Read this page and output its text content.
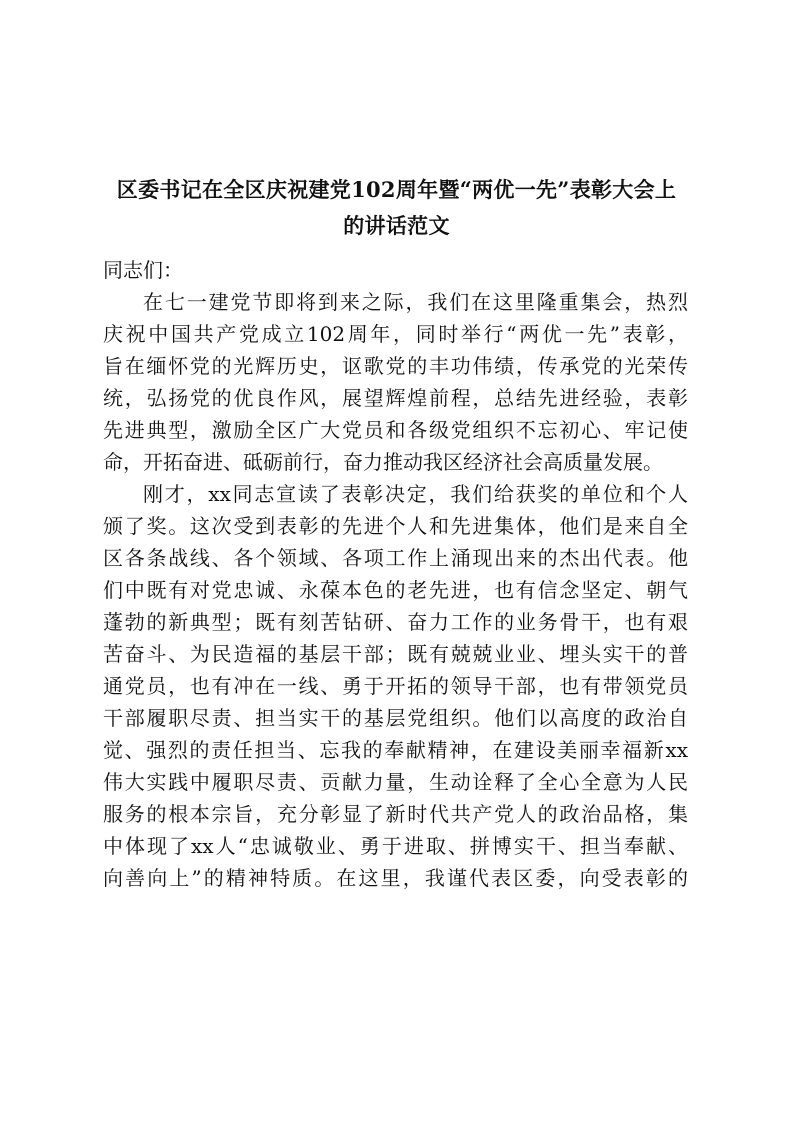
区委书记在全区庆祝建党102周年暨“两优一先”表彰大会上
的讲话范文

同志们：

在七一建党节即将到来之际，我们在这里隆重集会，热烈
庆祝中国共产党成立102周年，同时举行“两优一先”表彰，
旨在缅怀党的光辉历史，讴歌党的丰功伟绩，传承党的光荣传
统，弘扬党的优良作风，展望辉煌前程，总结先进经验，表彰
先进典型，激励全区广大党员和各级党组织不忘初心、牢记使
命，开拓奋进、砥砺前行，奋力推动我区经济社会高质量发展。
刚才，xx同志宣读了表彰决定，我们给获奖的单位和个人
颁了奖。这次受到表彰的先进个人和先进集体，他们是来自全
区各条战线、各个领域、各项工作上涌现出来的杰出代表。他
们中既有对党忠诚、永葆本色的老先进，也有信念坚定、朝气
蓬勃的新典型；既有刻苦钻研、奋力工作的业务骨干，也有艰
苦奋斗、为民造福的基层干部；既有兢兢业业、埋头实干的普
通党员，也有冲在一线、勇于开拓的领导干部，也有带领党员
干部履职尽责、担当实干的基层党组织。他们以高度的政治自
觉、强烈的责任担当、忘我的奉献精神，在建设美丽幸福新xx
伟大实践中履职尽责、贡献力量，生动诠释了全心全意为人民
服务的根本宗旨，充分彰显了新时代共产党人的政治品格，集
中体现了xx人“忠诚敬业、勇于进取、拼博实干、担当奉献、
向善向上”的精神特质。在这里，我谨代表区委，向受表彰的
